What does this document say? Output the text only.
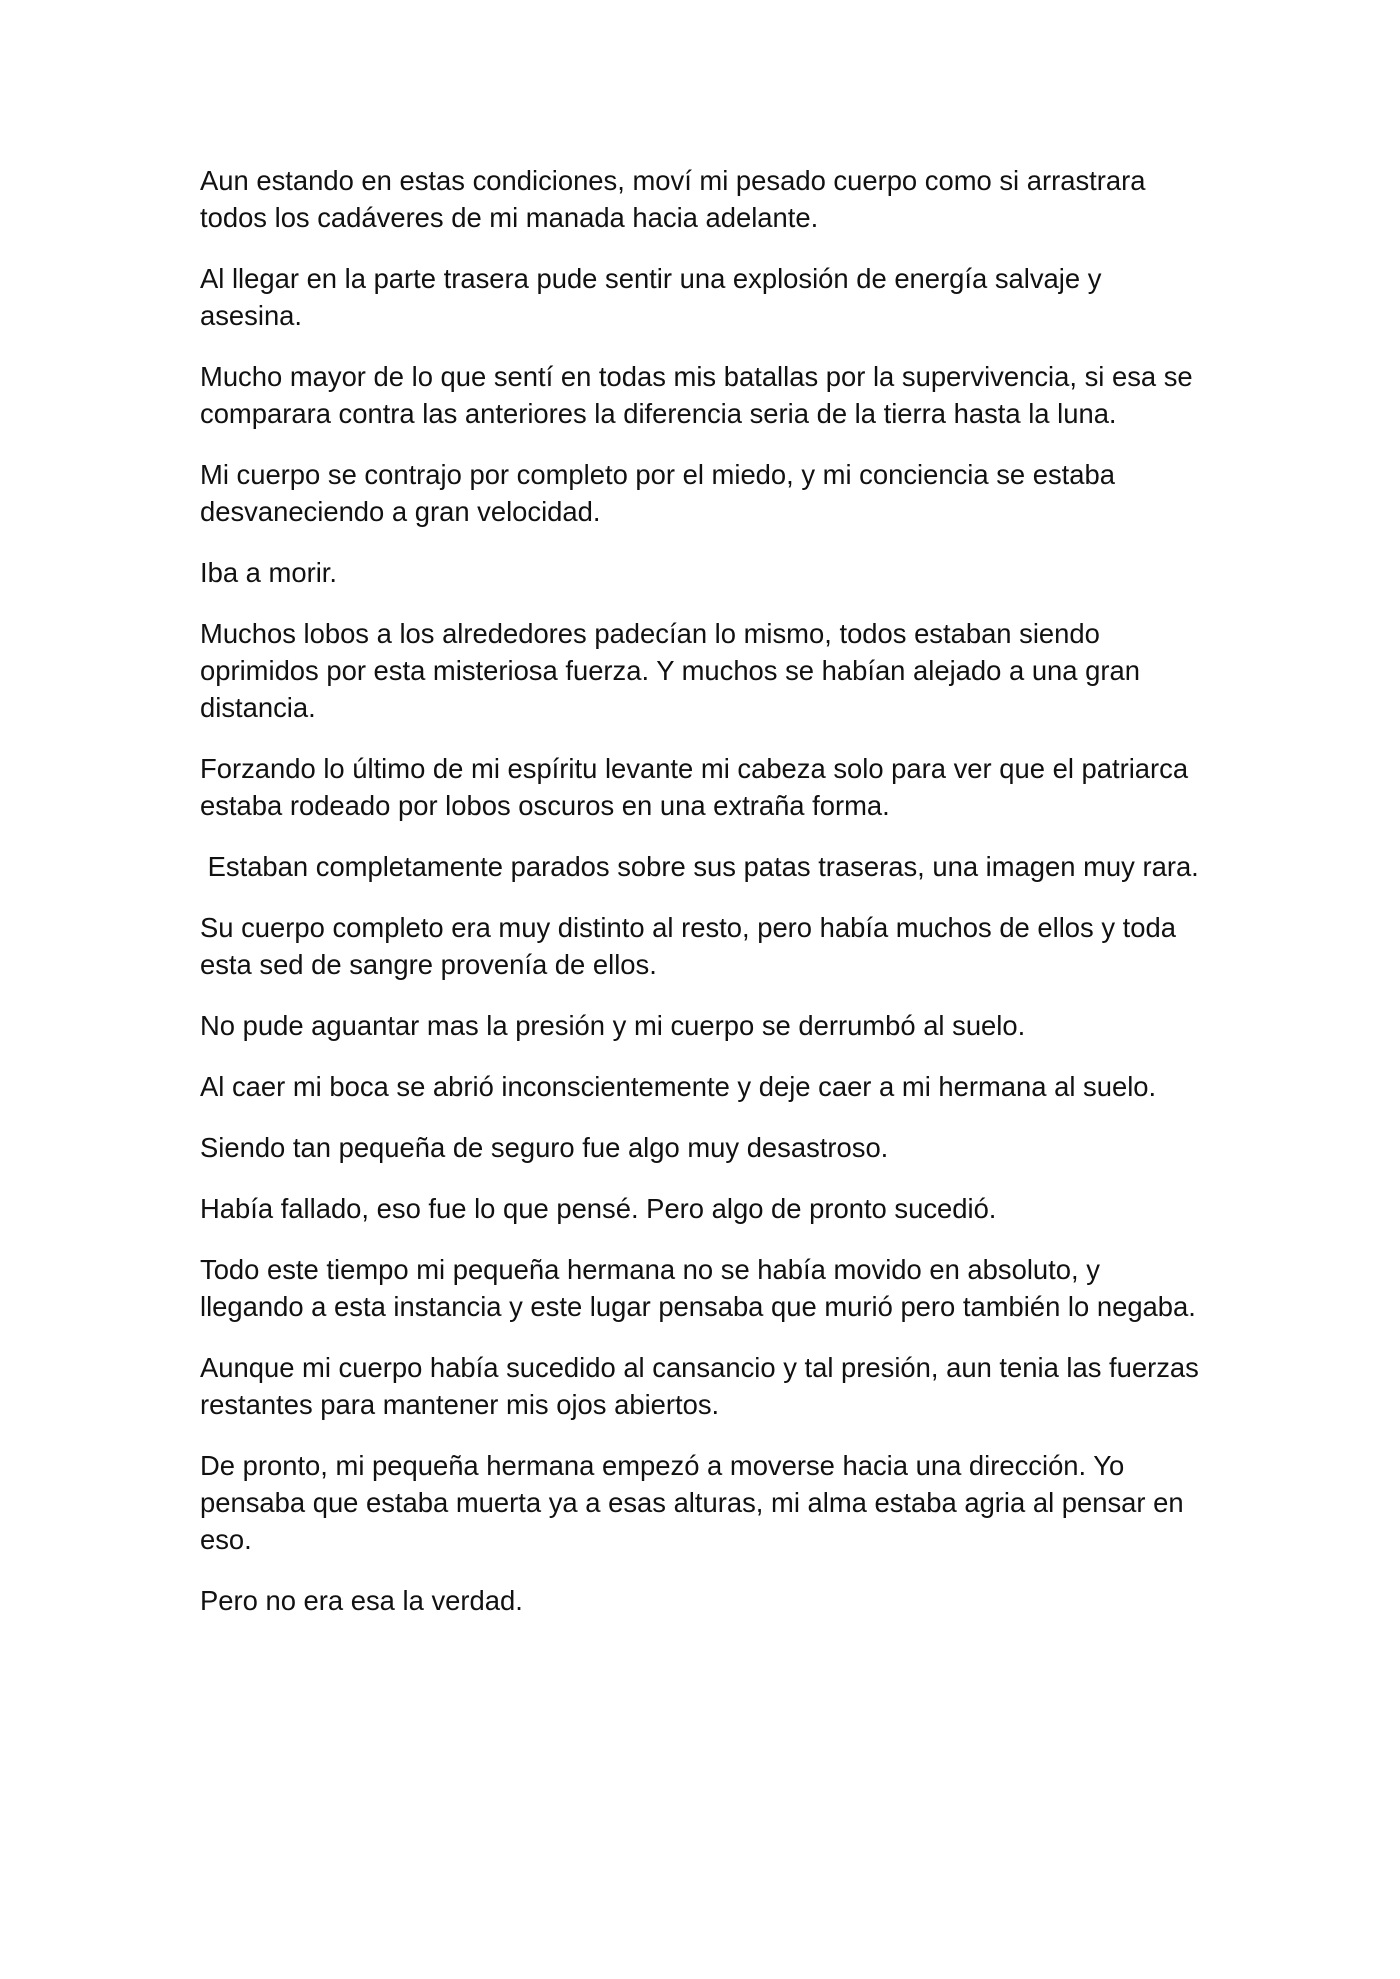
Aun estando en estas condiciones, moví mi pesado cuerpo como si arrastrara todos los cadáveres de mi manada hacia adelante.

Al llegar en la parte trasera pude sentir una explosión de energía salvaje y asesina.

Mucho mayor de lo que sentí en todas mis batallas por la supervivencia, si esa se comparara contra las anteriores la diferencia seria de la tierra hasta la luna.

Mi cuerpo se contrajo por completo por el miedo, y mi conciencia se estaba desvaneciendo a gran velocidad.

Iba a morir.

Muchos lobos a los alrededores padecían lo mismo, todos estaban siendo oprimidos por esta misteriosa fuerza. Y muchos se habían alejado a una gran distancia.

Forzando lo último de mi espíritu levante mi cabeza solo para ver que el patriarca estaba rodeado por lobos oscuros en una extraña forma.

Estaban completamente parados sobre sus patas traseras, una imagen muy rara.

Su cuerpo completo era muy distinto al resto, pero había muchos de ellos y toda esta sed de sangre provenía de ellos.

No pude aguantar mas la presión y mi cuerpo se derrumbó al suelo.

Al caer mi boca se abrió inconscientemente y deje caer a mi hermana al suelo.

Siendo tan pequeña de seguro fue algo muy desastroso.

Había fallado, eso fue lo que pensé. Pero algo de pronto sucedió.

Todo este tiempo mi pequeña hermana no se había movido en absoluto, y llegando a esta instancia y este lugar pensaba que murió pero también lo negaba.

Aunque mi cuerpo había sucedido al cansancio y tal presión, aun tenia las fuerzas restantes para mantener mis ojos abiertos.

De pronto, mi pequeña hermana empezó a moverse hacia una dirección. Yo pensaba que estaba muerta ya a esas alturas, mi alma estaba agria al pensar en eso.

Pero no era esa la verdad.
